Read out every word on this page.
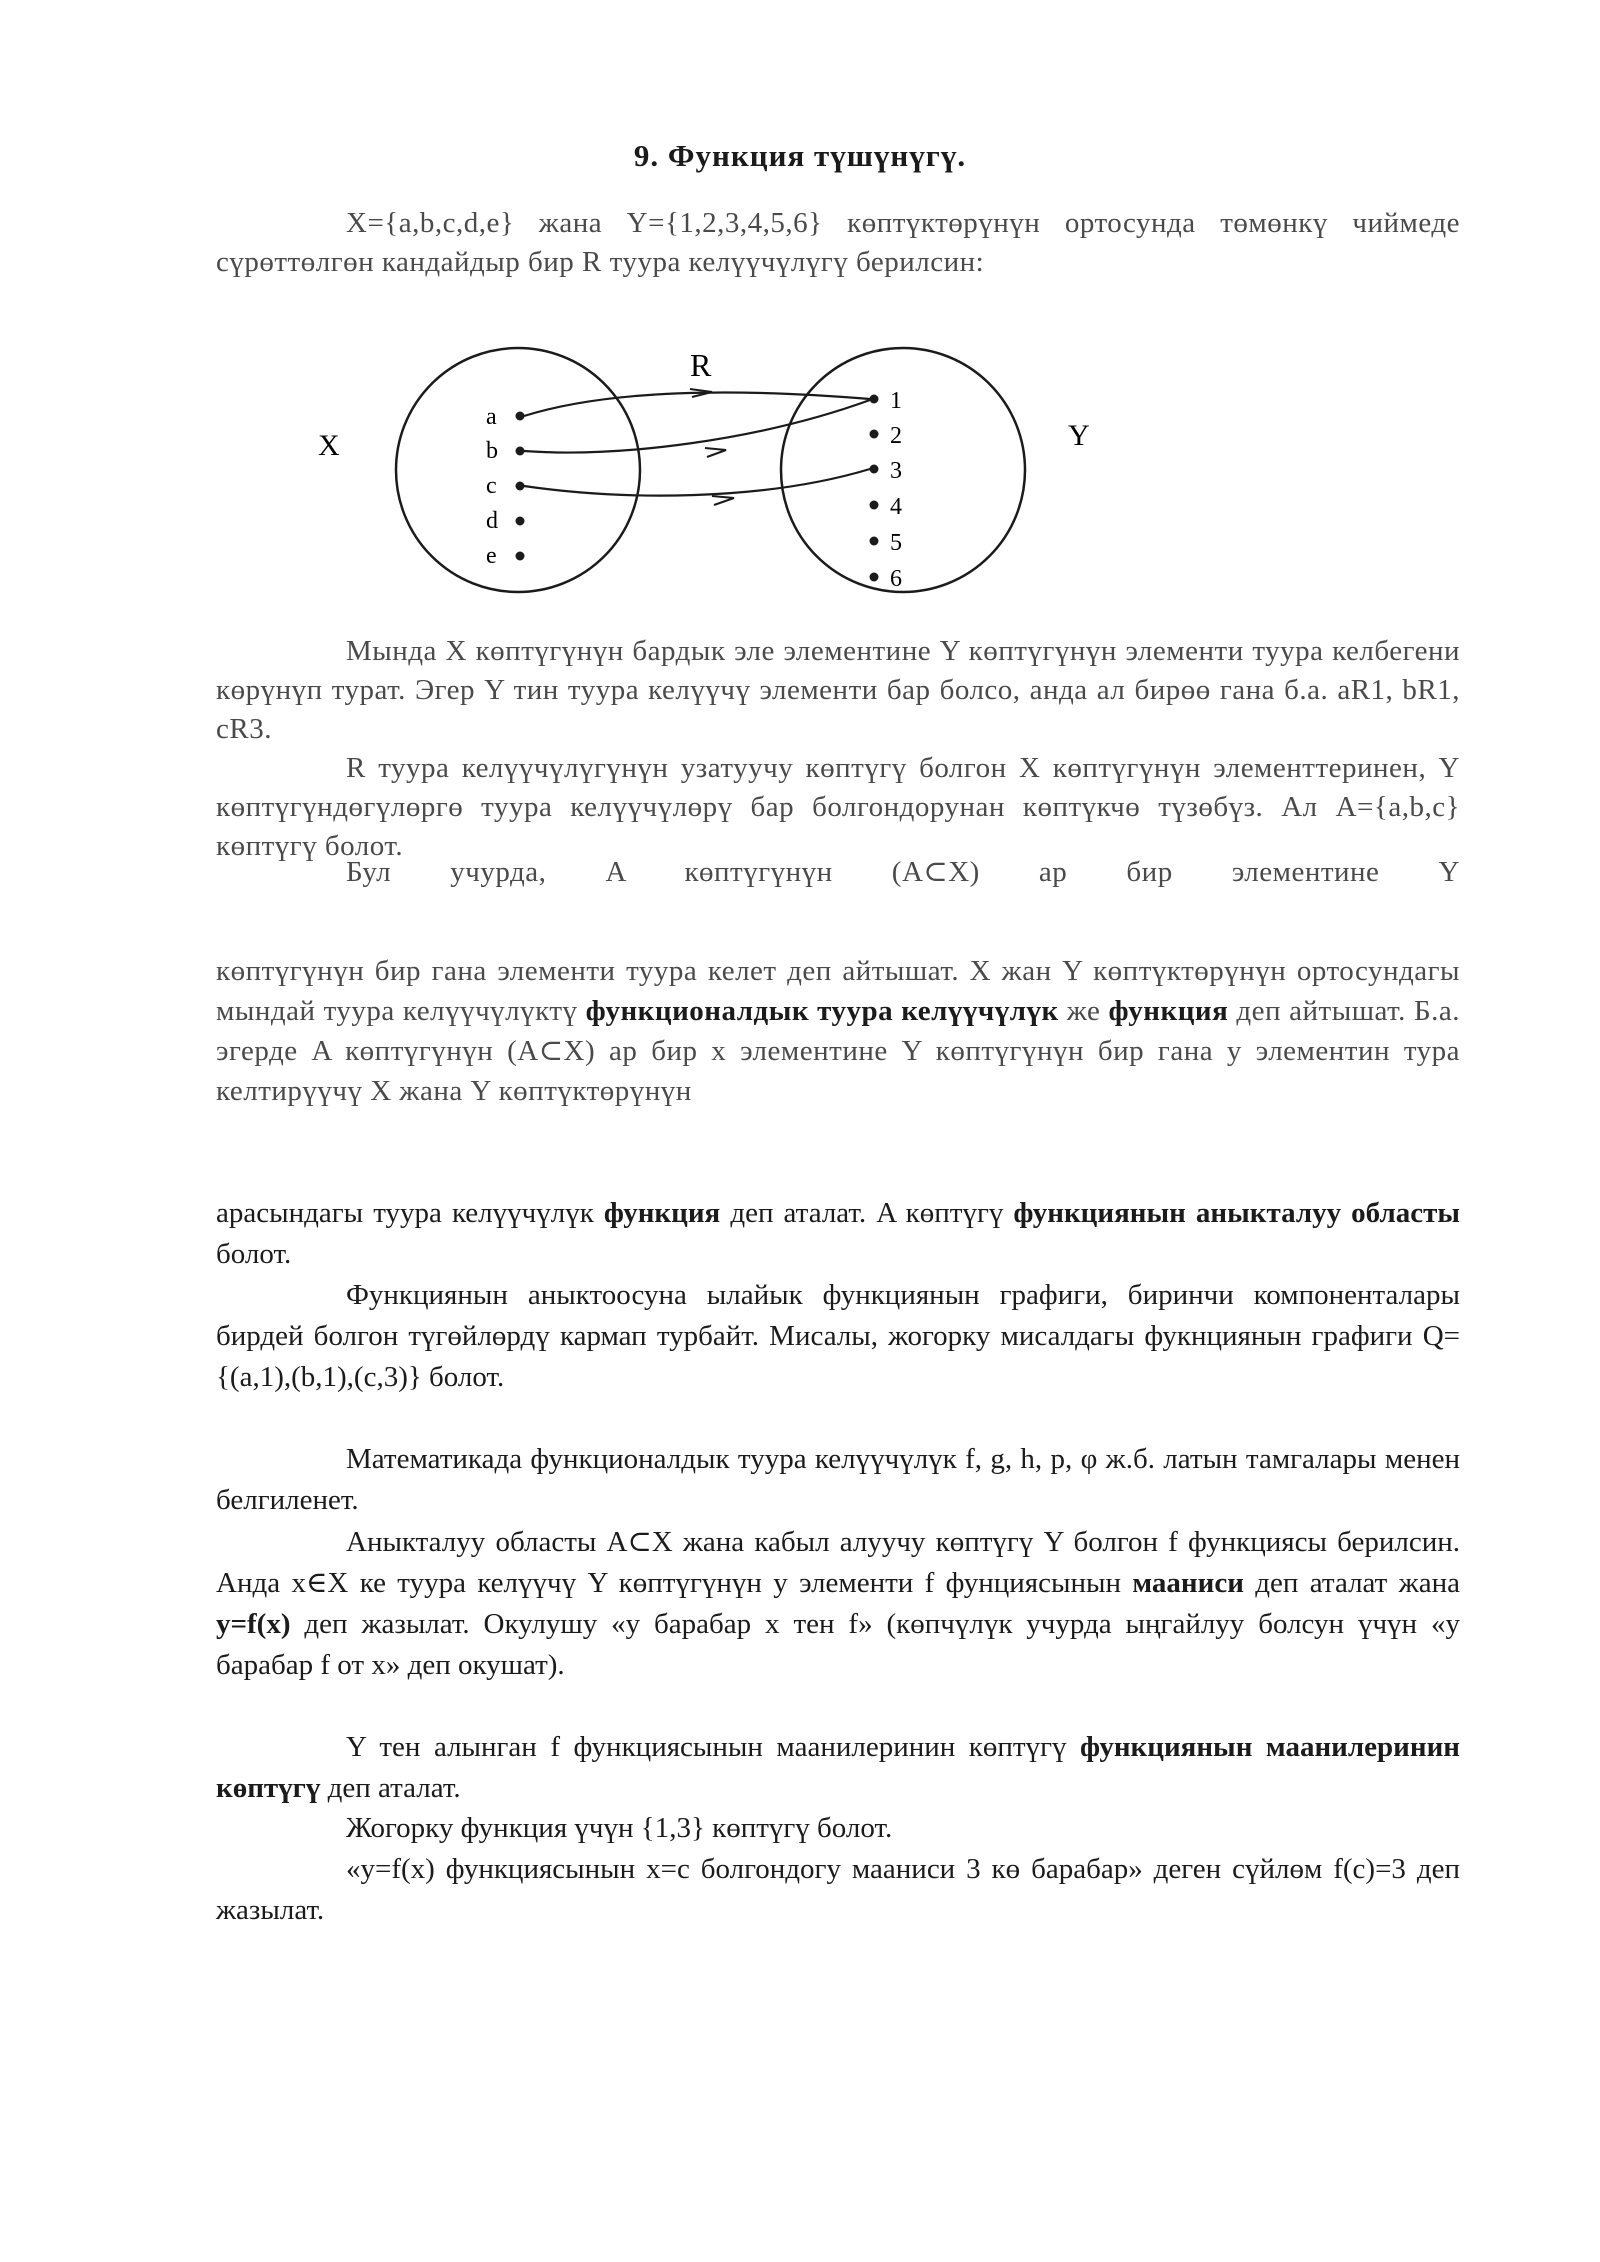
9. Функция түшүнүгү.

X={a,b,c,d,e} жана Y={1,2,3,4,5,6} көптүктөрүнүн ортосунда төмөнкү чиймеде сүрөттөлгөн кандайдыр бир R туура келүүчүлүгү берилсин:

X	Y
R
a
b
c
d
e
1
2
3
4
5
6

Мында X көптүгүнүн бардык эле элементине Y көптүгүнүн элементи туура келбегени көрүнүп турат. Эгер Y тин туура келүүчү элементи бар болсо, анда ал бирөө гана б.а. aR1, bR1, cR3.

R туура келүүчүлүгүнүн узатуучу көптүгү болгон X көптүгүнүн элементтеринен, Y көптүгүндөгүлөргө туура келүүчүлөрү бар болгондорунан көптүкчө түзөбүз. Ал A={a,b,c} көптүгү болот.

Бул учурда, A көптүгүнүн (A⊂X) ар бир элементине Y

көптүгүнүн бир гана элементи туура келет деп айтышат. X жан Y көптүктөрүнүн ортосундагы мындай туура келүүчүлүктү функционалдык туура келүүчүлүк же функция деп айтышат. Б.а. эгерде A көптүгүнүн (A⊂X) ар бир x элементине Y көптүгүнүн бир гана y элементин тура келтирүүчү X жана Y көптүктөрүнүн

арасындагы туура келүүчүлүк функция деп аталат. A көптүгү функциянын аныкталуу областы болот.

Функциянын аныктоосуна ылайык функциянын графиги, биринчи компоненталары бирдей болгон түгөйлөрдү кармап турбайт. Мисалы, жогорку мисалдагы фукнциянын графиги Q={(a,1),(b,1),(c,3)} болот.

Математикада функционалдык туура келүүчүлүк f, g, h, p, φ ж.б. латын тамгалары менен белгиленет.

Аныкталуу областы A⊂X жана кабыл алуучу көптүгү Y болгон f функциясы берилсин. Анда x∈X ке туура келүүчү Y көптүгүнүн y элементи f фунциясынын мааниси деп аталат жана y=f(x) деп жазылат. Окулушу «у барабар х тен f» (көпчүлүк учурда ыңгайлуу болсун үчүн «у барабар f от х» деп окушат).

Y тен алынган f функциясынын маанилеринин көптүгү функциянын маанилеринин көптүгү деп аталат.

Жогорку функция үчүн {1,3} көптүгү болот.

«y=f(x) функциясынын x=c болгондогу мааниси 3 кө барабар» деген сүйлөм f(c)=3 деп жазылат.
